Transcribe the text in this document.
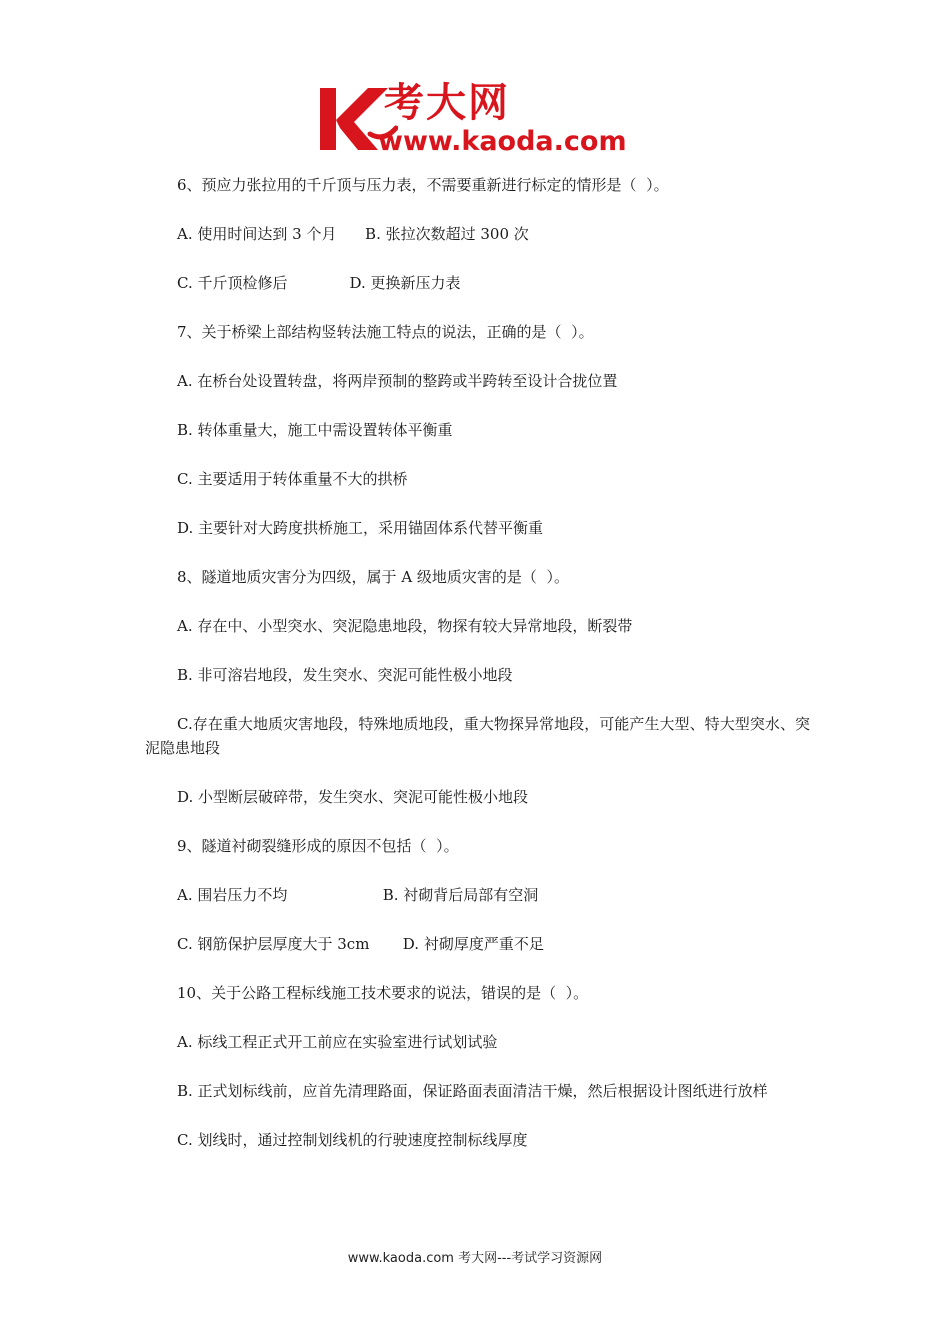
考大网
www.kaoda.com

6、预应力张拉用的千斤顶与压力表，不需要重新进行标定的情形是（  ）。

A. 使用时间达到 3 个月      B. 张拉次数超过 300 次

C. 千斤顶检修后             D. 更换新压力表

7、关于桥梁上部结构竖转法施工特点的说法，正确的是（  ）。

A. 在桥台处设置转盘，将两岸预制的整跨或半跨转至设计合拢位置

B. 转体重量大，施工中需设置转体平衡重

C. 主要适用于转体重量不大的拱桥

D. 主要针对大跨度拱桥施工，采用锚固体系代替平衡重

8、隧道地质灾害分为四级，属于 A 级地质灾害的是（  ）。

A. 存在中、小型突水、突泥隐患地段，物探有较大异常地段，断裂带

B. 非可溶岩地段，发生突水、突泥可能性极小地段

C.存在重大地质灾害地段，特殊地质地段，重大物探异常地段，可能产生大型、特大型突水、突泥隐患地段

D. 小型断层破碎带，发生突水、突泥可能性极小地段

9、隧道衬砌裂缝形成的原因不包括（  ）。

A. 围岩压力不均                    B. 衬砌背后局部有空洞

C. 钢筋保护层厚度大于 3cm       D. 衬砌厚度严重不足

10、关于公路工程标线施工技术要求的说法，错误的是（  ）。

A. 标线工程正式开工前应在实验室进行试划试验

B. 正式划标线前，应首先清理路面，保证路面表面清洁干燥，然后根据设计图纸进行放样

C. 划线时，通过控制划线机的行驶速度控制标线厚度

www.kaoda.com 考大网---考试学习资源网
